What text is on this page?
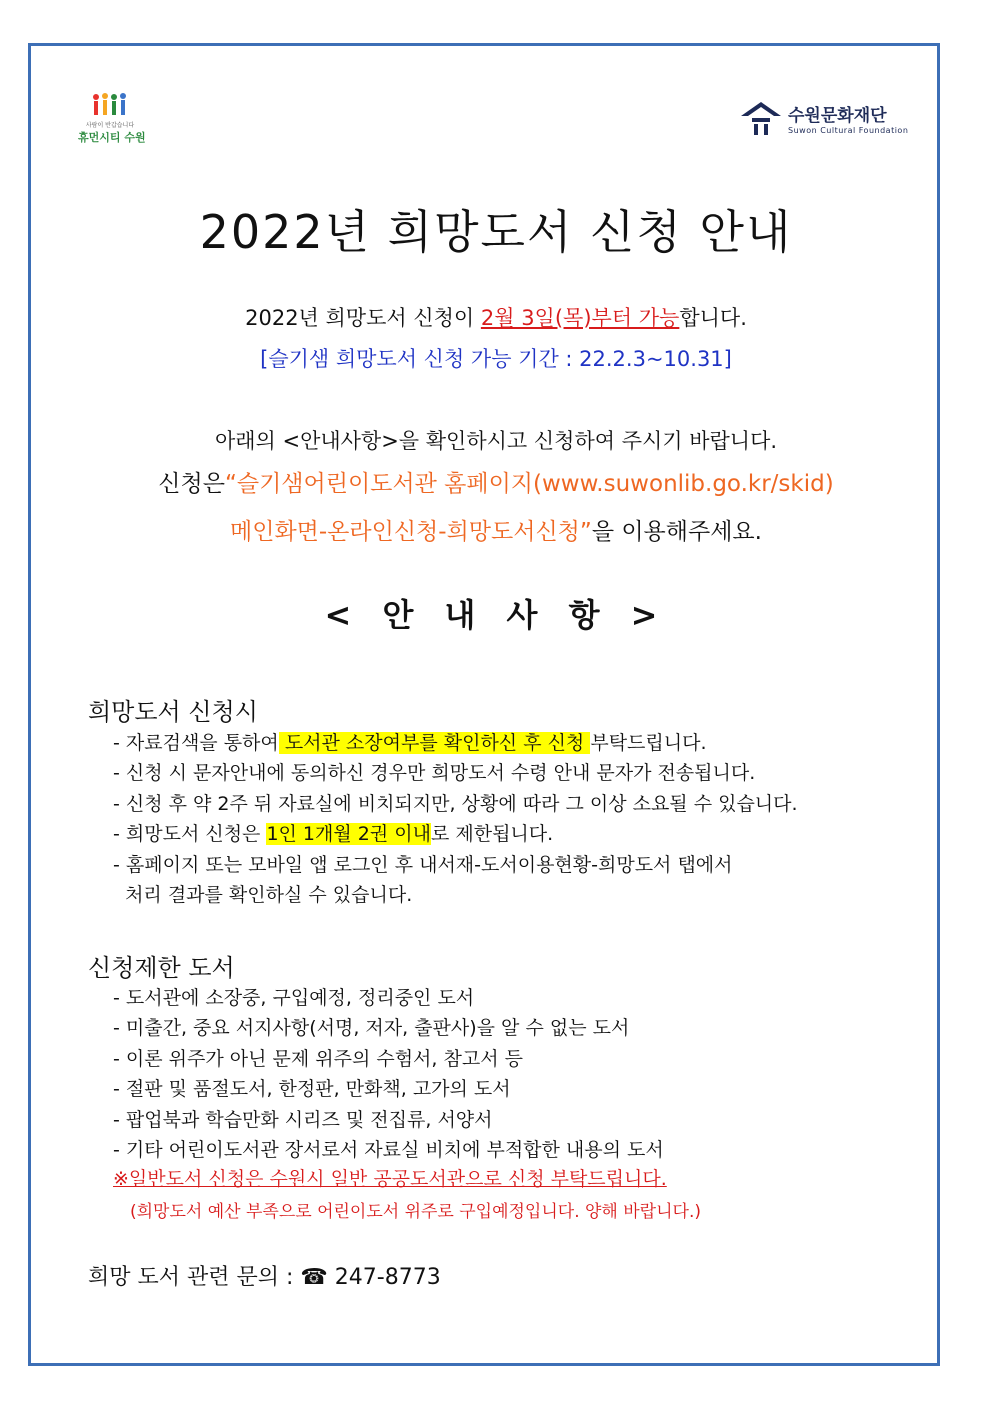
사람이 반갑습니다
휴먼시티 수원
수원문화재단
Suwon Cultural Foundation
2022년 희망도서 신청 안내
2022년 희망도서 신청이 2월 3일(목)부터 가능합니다.
[슬기샘 희망도서 신청 가능 기간 : 22.2.3~10.31]
아래의 <안내사항>을 확인하시고 신청하여 주시기 바랍니다.
신청은“슬기샘어린이도서관 홈페이지(www.suwonlib.go.kr/skid)
메인화면-온라인신청-희망도서신청”을 이용해주세요.
< 안 내 사 항 >
희망도서 신청시
- 자료검색을 통하여 도서관 소장여부를 확인하신 후 신청 부탁드립니다.
- 신청 시 문자안내에 동의하신 경우만 희망도서 수령 안내 문자가 전송됩니다.
- 신청 후 약 2주 뒤 자료실에 비치되지만, 상황에 따라 그 이상 소요될 수 있습니다.
- 희망도서 신청은 1인 1개월 2권 이내로 제한됩니다.
- 홈페이지 또는 모바일 앱 로그인 후 내서재-도서이용현황-희망도서 탭에서
처리 결과를 확인하실 수 있습니다.
신청제한 도서
- 도서관에 소장중, 구입예정, 정리중인 도서
- 미출간, 중요 서지사항(서명, 저자, 출판사)을 알 수 없는 도서
- 이론 위주가 아닌 문제 위주의 수험서, 참고서 등
- 절판 및 품절도서, 한정판, 만화책, 고가의 도서
- 팝업북과 학습만화 시리즈 및 전집류, 서양서
- 기타 어린이도서관 장서로서 자료실 비치에 부적합한 내용의 도서
※일반도서 신청은 수원시 일반 공공도서관으로 신청 부탁드립니다.
(희망도서 예산 부족으로 어린이도서 위주로 구입예정입니다. 양해 바랍니다.)
희망 도서 관련 문의 : ☎ 247-8773
